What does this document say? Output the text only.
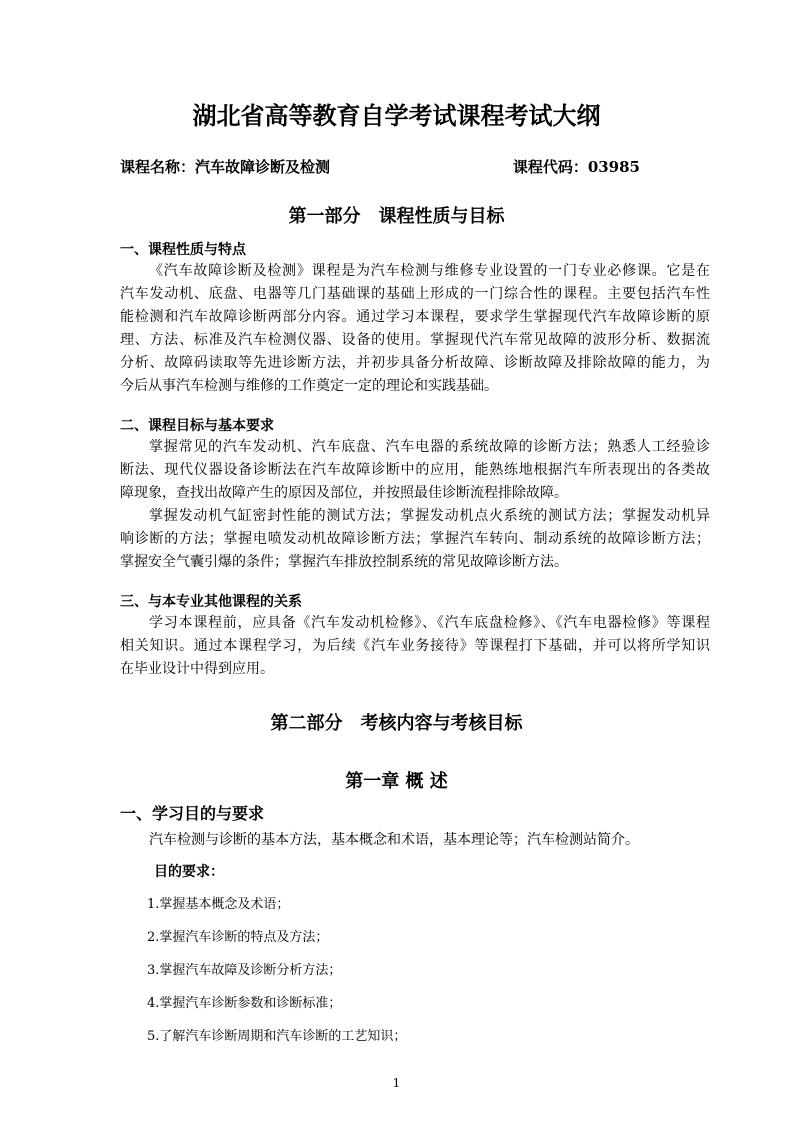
湖北省高等教育自学考试课程考试大纲
课程名称：汽车故障诊断及检测	课程代码：03985
第一部分　课程性质与目标
一、课程性质与特点
《汽车故障诊断及检测》课程是为汽车检测与维修专业设置的一门专业必修课。它是在
汽车发动机、底盘、电器等几门基础课的基础上形成的一门综合性的课程。主要包括汽车性
能检测和汽车故障诊断两部分内容。通过学习本课程，要求学生掌握现代汽车故障诊断的原
理、方法、标准及汽车检测仪器、设备的使用。掌握现代汽车常见故障的波形分析、数据流
分析、故障码读取等先进诊断方法，并初步具备分析故障、诊断故障及排除故障的能力，为
今后从事汽车检测与维修的工作奠定一定的理论和实践基础。
二、课程目标与基本要求
掌握常见的汽车发动机、汽车底盘、汽车电器的系统故障的诊断方法；熟悉人工经验诊
断法、现代仪器设备诊断法在汽车故障诊断中的应用，能熟练地根据汽车所表现出的各类故
障现象，查找出故障产生的原因及部位，并按照最佳诊断流程排除故障。
掌握发动机气缸密封性能的测试方法；掌握发动机点火系统的测试方法；掌握发动机异
响诊断的方法；掌握电喷发动机故障诊断方法；掌握汽车转向、制动系统的故障诊断方法；
掌握安全气囊引爆的条件；掌握汽车排放控制系统的常见故障诊断方法。
三、与本专业其他课程的关系
学习本课程前，应具备《汽车发动机检修》、《汽车底盘检修》、《汽车电器检修》等课程
相关知识。通过本课程学习，为后续《汽车业务接待》等课程打下基础，并可以将所学知识
在毕业设计中得到应用。
第二部分　考核内容与考核目标
第一章 概 述
一、学习目的与要求
汽车检测与诊断的基本方法，基本概念和术语，基本理论等；汽车检测站简介。
目的要求：
1.掌握基本概念及术语；
2.掌握汽车诊断的特点及方法；
3.掌握汽车故障及诊断分析方法；
4.掌握汽车诊断参数和诊断标准；
5.了解汽车诊断周期和汽车诊断的工艺知识；
1
